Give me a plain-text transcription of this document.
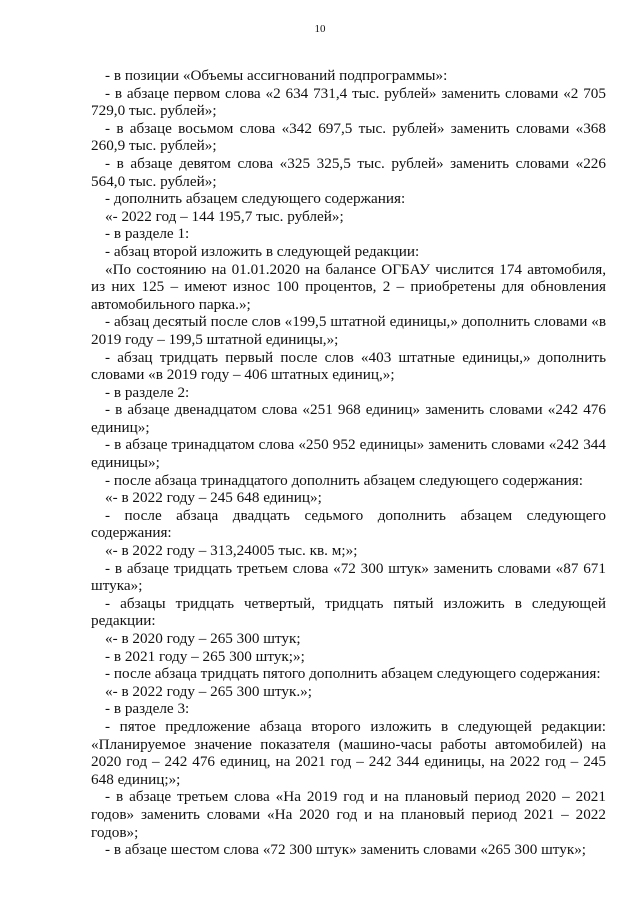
10

- в позиции «Объемы ассигнований подпрограммы»:

- в абзаце первом слова «2 634 731,4 тыс. рублей» заменить словами «2 705 729,0 тыс. рублей»;

- в абзаце восьмом слова «342 697,5 тыс. рублей» заменить словами «368 260,9 тыс. рублей»;

- в абзаце девятом слова «325 325,5 тыс. рублей» заменить словами «226 564,0 тыс. рублей»;

- дополнить абзацем следующего содержания:

«- 2022 год – 144 195,7 тыс. рублей»;

- в разделе 1:

- абзац второй изложить в следующей редакции:

«По состоянию на 01.01.2020 на балансе ОГБАУ числится 174 автомобиля, из них 125 – имеют износ 100 процентов, 2 – приобретены для обновления автомобильного парка.»;

- абзац десятый после слов «199,5 штатной единицы,» дополнить словами «в 2019 году – 199,5 штатной единицы,»;

- абзац тридцать первый после слов «403 штатные единицы,» дополнить словами «в 2019 году – 406 штатных единиц,»;

- в разделе 2:

- в абзаце двенадцатом слова «251 968 единиц» заменить словами «242 476 единиц»;

- в абзаце тринадцатом слова «250 952 единицы» заменить словами «242 344 единицы»;

- после абзаца тринадцатого дополнить абзацем следующего содержания:

«- в 2022 году – 245 648 единиц»;

- после абзаца двадцать седьмого дополнить абзацем следующего содержания:

«- в 2022 году – 313,24005 тыс. кв. м;»;

- в абзаце тридцать третьем слова «72 300 штук» заменить словами «87 671 штука»;

- абзацы тридцать четвертый, тридцать пятый изложить в следующей редакции:

«- в 2020 году – 265 300 штук;

- в 2021 году – 265 300 штук;»;

- после абзаца тридцать пятого дополнить абзацем следующего содержания:

«- в 2022 году – 265 300 штук.»;

- в разделе 3:

- пятое предложение абзаца второго изложить в следующей редакции: «Планируемое значение показателя (машино-часы работы автомобилей) на 2020 год – 242 476 единиц, на 2021 год – 242 344 единицы, на 2022 год – 245 648 единиц;»;

- в абзаце третьем слова «На 2019 год и на плановый период 2020 – 2021 годов» заменить словами «На 2020 год и на плановый период 2021 – 2022 годов»;

- в абзаце шестом слова «72 300 штук» заменить словами «265 300 штук»;
